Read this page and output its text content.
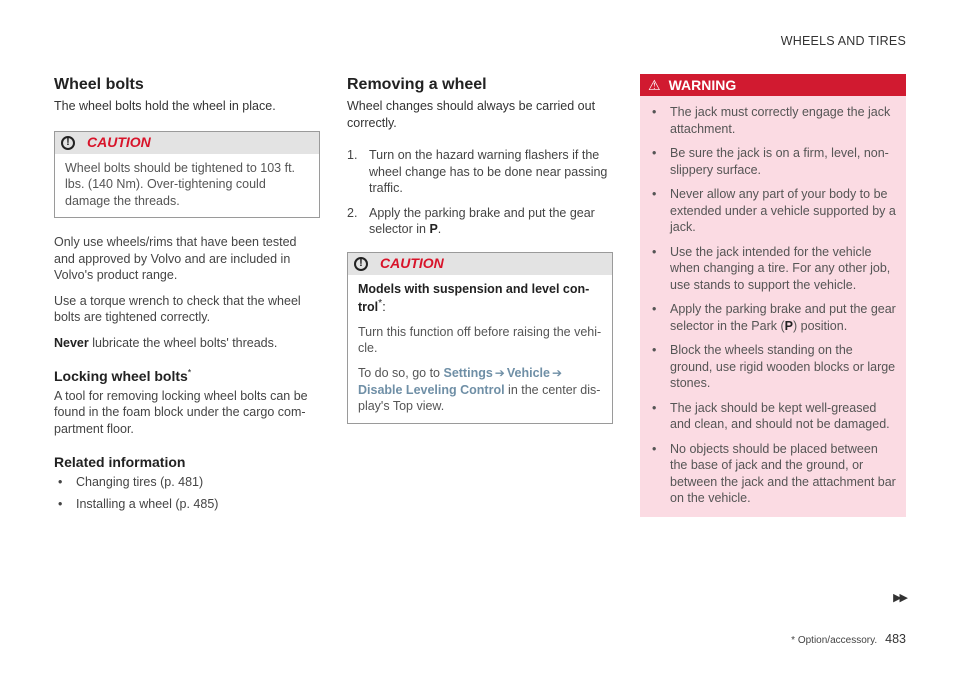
WHEELS AND TIRES
Wheel bolts

The wheel bolts hold the wheel in place.

!	CAUTION

Wheel bolts should be tightened to 103 ft. lbs. (140 Nm). Over-tightening could damage the threads.

Only use wheels/rims that have been tested and approved by Volvo and are included in Volvo's product range.

Use a torque wrench to check that the wheel bolts are tightened correctly.

Never lubricate the wheel bolts' threads.

Locking wheel bolts*

A tool for removing locking wheel bolts can be found in the foam block under the cargo com- partment floor.

Related information
•	Changing tires (p. 481)
•	Installing a wheel (p. 485)
Removing a wheel

Wheel changes should always be carried out correctly.

1. Turn on the hazard warning flashers if the wheel change has to be done near passing traffic.
2. Apply the parking brake and put the gear selector in P.
!	CAUTION

Models with suspension and level con- trol*:

Turn this function off before raising the vehi- cle.

To do so, go to Settings ➔ Vehicle ➔
Disable Leveling Control in the center dis- play's Top view.

⚠ WARNING
•	The jack must correctly engage the jack attachment.
•	Be sure the jack is on a firm, level, non- slippery surface.
•	Never allow any part of your body to be extended under a vehicle supported by a jack.
•	Use the jack intended for the vehicle when changing a tire. For any other job, use stands to support the vehicle.
•	Apply the parking brake and put the gear selector in the Park (P) position.
•	Block the wheels standing on the ground, use rigid wooden blocks or large stones.
•	The jack should be kept well-greased and clean, and should not be damaged.
•	No objects should be placed between the base of jack and the ground, or between the jack and the attachment bar on the vehicle.
▶▶
* Option/accessory. 483
